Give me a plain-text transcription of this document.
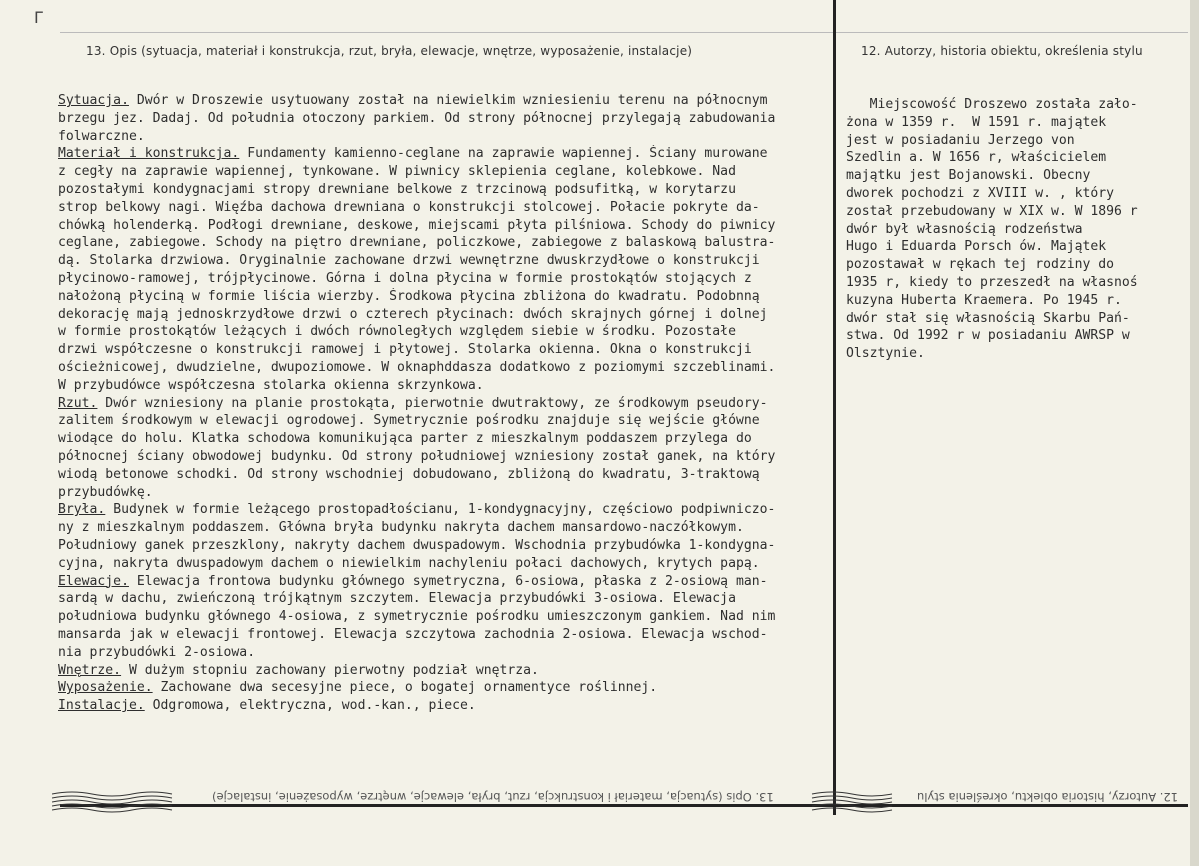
Γ
13. Opis (sytuacja, materiał i konstrukcja, rzut, bryła, elewacje, wnętrze, wyposażenie, instalacje)	12. Autorzy, historia obiektu, określenia stylu
Sytuacja. Dwór w Droszewie usytuowany został na niewielkim wzniesieniu terenu na północnym
brzegu jez. Dadaj. Od południa otoczony parkiem. Od strony północnej przylegają zabudowania
folwarczne.
Materiał i konstrukcja. Fundamenty kamienno-ceglane na zaprawie wapiennej. Ściany murowane
z cegły na zaprawie wapiennej, tynkowane. W piwnicy sklepienia ceglane, kolebkowe. Nad
pozostałymi kondygnacjami stropy drewniane belkowe z trzcinową podsufitką, w korytarzu
strop belkowy nagi. Więźba dachowa drewniana o konstrukcji stolcowej. Połacie pokryte da-
chówką holenderką. Podłogi drewniane, deskowe, miejscami płyta pilśniowa. Schody do piwnicy
ceglane, zabiegowe. Schody na piętro drewniane, policzkowe, zabiegowe z balaskową balustra-
dą. Stolarka drzwiowa. Oryginalnie zachowane drzwi wewnętrzne dwuskrzydłowe o konstrukcji
płycinowo-ramowej, trójpłycinowe. Górna i dolna płycina w formie prostokątów stojących z
nałożoną płyciną w formie liścia wierzby. Środkowa płycina zbliżona do kwadratu. Podobnną
dekorację mają jednoskrzydłowe drzwi o czterech płycinach: dwóch skrajnych górnej i dolnej
w formie prostokątów leżących i dwóch równoległych względem siebie w środku. Pozostałe
drzwi współczesne o konstrukcji ramowej i płytowej. Stolarka okienna. Okna o konstrukcji
ościeżnicowej, dwudzielne, dwupoziomowe. W oknaphddasza dodatkowo z poziomymi szczeblinami.
W przybudówce współczesna stolarka okienna skrzynkowa.
Rzut. Dwór wzniesiony na planie prostokąta, pierwotnie dwutraktowy, ze środkowym pseudory-
zalitem środkowym w elewacji ogrodowej. Symetrycznie pośrodku znajduje się wejście główne
wiodące do holu. Klatka schodowa komunikująca parter z mieszkalnym poddaszem przylega do
północnej ściany obwodowej budynku. Od strony południowej wzniesiony został ganek, na który
wiodą betonowe schodki. Od strony wschodniej dobudowano, zbliżoną do kwadratu, 3-traktową
przybudówkę.
Bryła. Budynek w formie leżącego prostopadłościanu, 1-kondygnacyjny, częściowo podpiwniczo-
ny z mieszkalnym poddaszem. Główna bryła budynku nakryta dachem mansardowo-naczółkowym.
Południowy ganek przeszklony, nakryty dachem dwuspadowym. Wschodnia przybudówka 1-kondygna-
cyjna, nakryta dwuspadowym dachem o niewielkim nachyleniu połaci dachowych, krytych papą.
Elewacje. Elewacja frontowa budynku głównego symetryczna, 6-osiowa, płaska z 2-osiową man-
sardą w dachu, zwieńczoną trójkątnym szczytem. Elewacja przybudówki 3-osiowa. Elewacja
południowa budynku głównego 4-osiowa, z symetrycznie pośrodku umieszczonym gankiem. Nad nim
mansarda jak w elewacji frontowej. Elewacja szczytowa zachodnia 2-osiowa. Elewacja wschod-
nia przybudówki 2-osiowa.
Wnętrze. W dużym stopniu zachowany pierwotny podział wnętrza.
Wyposażenie. Zachowane dwa secesyjne piece, o bogatej ornamentyce roślinnej.
Instalacje. Odgromowa, elektryczna, wod.-kan., piece.
Miejscowość Droszewo została zało-
żona w 1359 r.  W 1591 r. majątek
jest w posiadaniu Jerzego von
Szedlin a. W 1656 r, właścicielem
majątku jest Bojanowski. Obecny
dworek pochodzi z XVIII w. , który
został przebudowany w XIX w. W 1896 r
dwór był własnością rodzeństwa
Hugo i Eduarda Porsch ów. Majątek
pozostawał w rękach tej rodziny do
1935 r, kiedy to przeszedł na własnoś
kuzyna Huberta Kraemera. Po 1945 r.
dwór stał się własnością Skarbu Pań-
stwa. Od 1992 r w posiadaniu AWRSP w
Olsztynie.
13. Opis (sytuacja, materiał i konstrukcja, rzut, bryła, elewacje, wnętrze, wyposażenie, instalacje)	12. Autorzy, historia obiektu, określenia stylu
